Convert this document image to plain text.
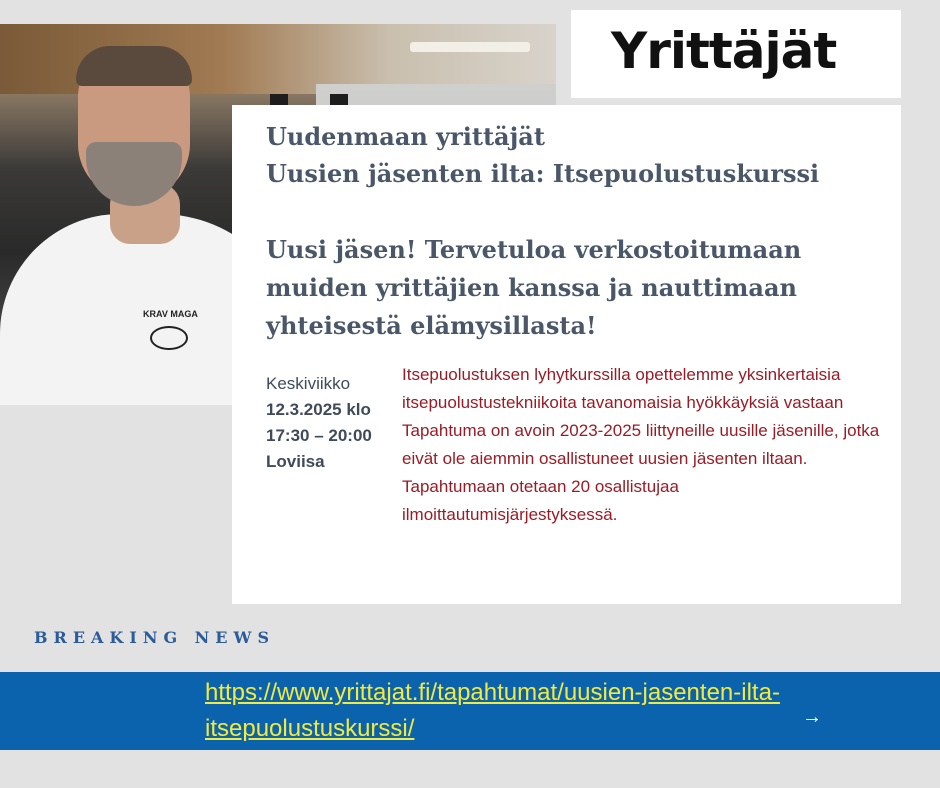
KRAV MAGA
Yrittäjät
Uudenmaan yrittäjät
Uusien jäsenten ilta: Itsepuolustuskurssi
Uusi jäsen! Tervetuloa verkostoitumaan muiden yrittäjien kanssa ja nauttimaan yhteisestä elämysillasta!
Keskiviikko
12.3.2025 klo
17:30 – 20:00
Loviisa
Itsepuolustuksen lyhytkurssilla opettelemme yksinkertaisia itsepuolustustekniikoita tavanomaisia hyökkäyksiä vastaan
Tapahtuma on avoin 2023-2025 liittyneille uusille jäsenille, jotka eivät ole aiemmin osallistuneet uusien jäsenten iltaan. Tapahtumaan otetaan 20 osallistujaa ilmoittautumisjärjestyksessä.
BREAKING NEWS
https://www.yrittajat.fi/tapahtumat/uusien-jasenten-ilta-itsepuolustuskurssi/	→
